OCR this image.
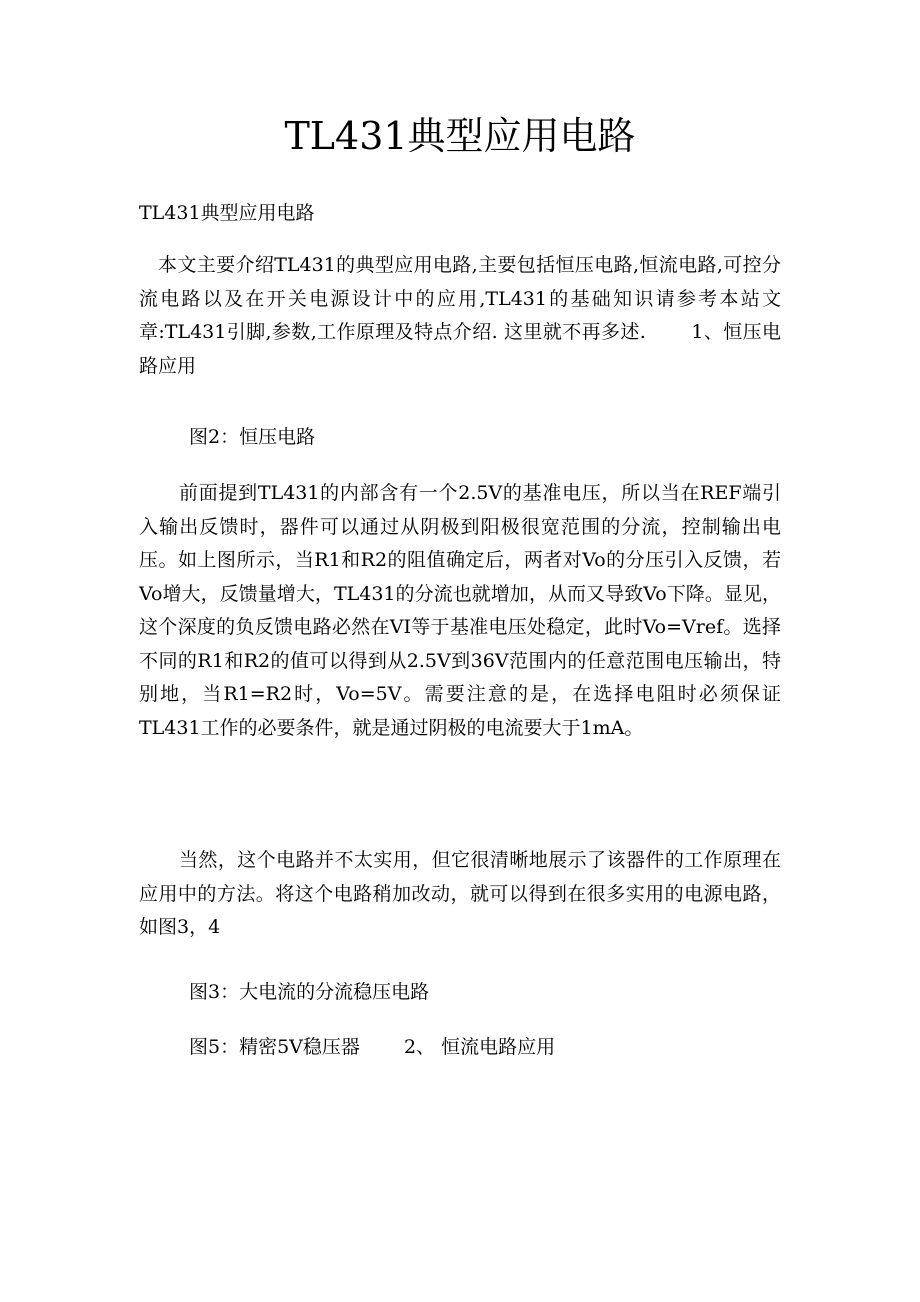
TL431典型应用电路

TL431典型应用电路

本文主要介绍TL431的典型应用电路,主要包括恒压电路,恒流电路,可控分流电路以及在开关电源设计中的应用,TL431的基础知识请参考本站文章:TL431引脚,参数,工作原理及特点介绍. 这里就不再多述.　　 1、恒压电路应用

图2：恒压电路

前面提到TL431的内部含有一个2.5V的基准电压，所以当在REF端引入输出反馈时，器件可以通过从阴极到阳极很宽范围的分流，控制输出电压。如上图所示，当R1和R2的阻值确定后，两者对Vo的分压引入反馈，若Vo增大，反馈量增大，TL431的分流也就增加，从而又导致Vo下降。显见，这个深度的负反馈电路必然在VI等于基准电压处稳定，此时Vo=Vref。选择不同的R1和R2的值可以得到从2.5V到36V范围内的任意范围电压输出，特别地，当R1=R2时，Vo=5V。需要注意的是，在选择电阻时必须保证TL431工作的必要条件，就是通过阴极的电流要大于1mA。

当然，这个电路并不太实用，但它很清晰地展示了该器件的工作原理在应用中的方法。将这个电路稍加改动，就可以得到在很多实用的电源电路，如图3，4

图3：大电流的分流稳压电路

图5：精密5V稳压器　　 2、 恒流电路应用
